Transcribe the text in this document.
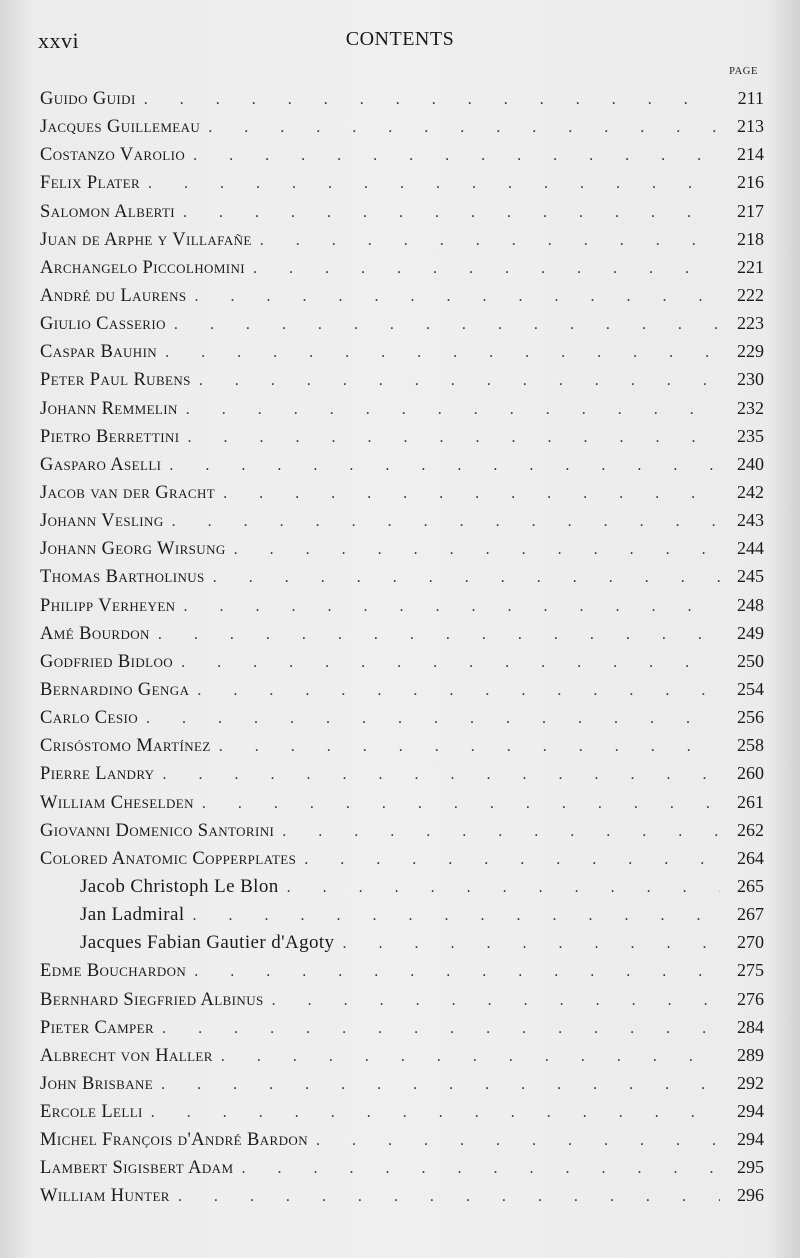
xxvi	CONTENTS
PAGE
Guido Guidi . . .	211
Jacques Guillemeau . . .	213
Costanzo Varolio . . .	214
Felix Plater . . .	216
Salomon Alberti . . .	217
Juan de Arphe y Villafañe . . .	218
Archangelo Piccolhomini . . .	221
André du Laurens . . .	222
Giulio Casserio . . .	223
Caspar Bauhin . . .	229
Peter Paul Rubens . . .	230
Johann Remmelin . . .	232
Pietro Berrettini . . .	235
Gasparo Aselli . . .	240
Jacob van der Gracht . . .	242
Johann Vesling . . .	243
Johann Georg Wirsung . . .	244
Thomas Bartholinus . . .	245
Philipp Verheyen . . .	248
Amé Bourdon . . .	249
Godfried Bidloo . . .	250
Bernardino Genga . . .	254
Carlo Cesio . . .	256
Crisóstomo Martínez . . .	258
Pierre Landry . . .	260
William Cheselden . . .	261
Giovanni Domenico Santorini . . .	262
Colored Anatomic Copperplates . . .	264
Jacob Christoph Le Blon . . .	265
Jan Ladmiral . . .	267
Jacques Fabian Gautier d'Agoty . . .	270
Edme Bouchardon . . .	275
Bernhard Siegfried Albinus . . .	276
Pieter Camper . . .	284
Albrecht von Haller . . .	289
John Brisbane . . .	292
Ercole Lelli . . .	294
Michel François d'André Bardon . . .	294
Lambert Sigisbert Adam . . .	295
William Hunter . . .	296
